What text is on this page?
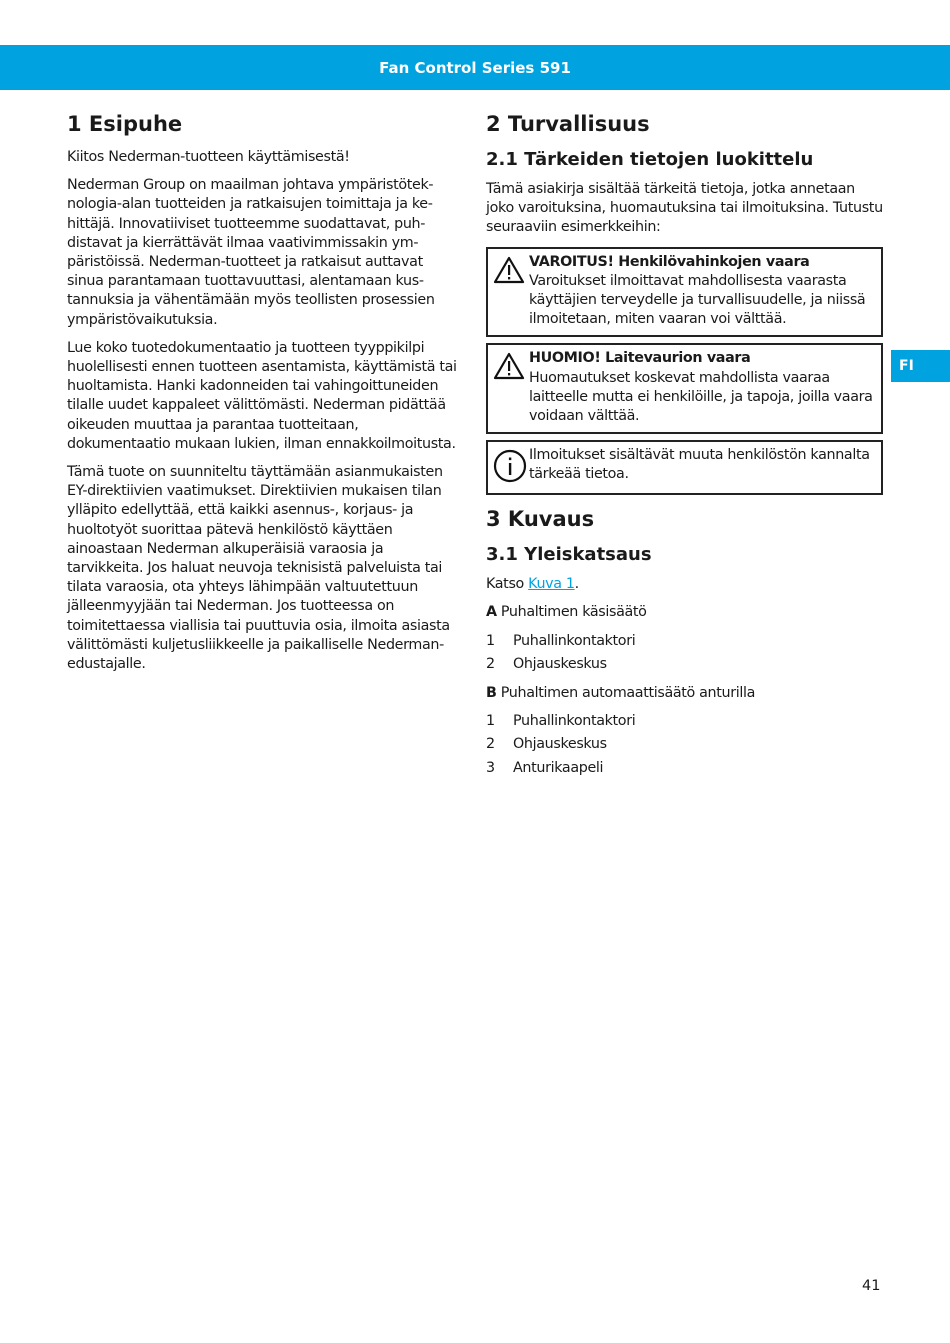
Fan Control Series 591
FI
1 Esipuhe

Kiitos Nederman-tuotteen käyttämisestä!

Nederman Group on maailman johtava ympäristöteknologia-alan tuotteiden ja ratkaisujen toimittaja ja kehittäjä. Innovatiiviset tuotteemme suodattavat, puhdistavat ja kierrättävät ilmaa vaativimmissakin ympäristöissä. Nederman-tuotteet ja ratkaisut auttavat sinua parantamaan tuottavuuttasi, alentamaan kustannuksia ja vähentämään myös teollisten prosessien ympäristövaikutuksia.

Lue koko tuotedokumentaatio ja tuotteen tyyppikilpi huolellisesti ennen tuotteen asentamista, käyttämistä tai huoltamista. Hanki kadonneiden tai vahingoittuneiden tilalle uudet kappaleet välittömästi. Nederman pidättää oikeuden muuttaa ja parantaa tuotteitaan, dokumentaatio mukaan lukien, ilman ennakkoilmoitusta.

Tämä tuote on suunniteltu täyttämään asianmukaisten EY-direktiivien vaatimukset. Direktiivien mukaisen tilan ylläpito edellyttää, että kaikki asennus-, korjaus- ja huoltotyöt suorittaa pätevä henkilöstö käyttäen ainoastaan Nederman alkuperäisiä varaosia ja tarvikkeita. Jos haluat neuvoja teknisistä palveluista tai tilata varaosia, ota yhteys lähimpään valtuutettuun jälleenmyyjään tai Nederman. Jos tuotteessa on toimitettaessa viallisia tai puuttuvia osia, ilmoita asiasta välittömästi kuljetusliikkeelle ja paikalliselle Nederman-edustajalle.

2 Turvallisuus
2.1 Tärkeiden tietojen luokittelu

Tämä asiakirja sisältää tärkeitä tietoja, jotka annetaan joko varoituksina, huomautuksina tai ilmoituksina. Tutustu seuraaviin esimerkkeihin:

VAROITUS! Henkilövahinkojen vaara
Varoitukset ilmoittavat mahdollisesta vaarasta käyttäjien terveydelle ja turvallisuudelle, ja niissä ilmoitetaan, miten vaaran voi välttää.
HUOMIO! Laitevaurion vaara
Huomautukset koskevat mahdollista vaaraa laitteelle mutta ei henkilöille, ja tapoja, joilla vaara voidaan välttää.
Ilmoitukset sisältävät muuta henkilöstön kannalta tärkeää tietoa.
3 Kuvaus
3.1 Yleiskatsaus

Katso Kuva 1.

A Puhaltimen käsisäätö
1	Puhallinkontaktori
2	Ohjauskeskus
B Puhaltimen automaattisäätö anturilla
1	Puhallinkontaktori
2	Ohjauskeskus
3	Anturikaapeli
41
